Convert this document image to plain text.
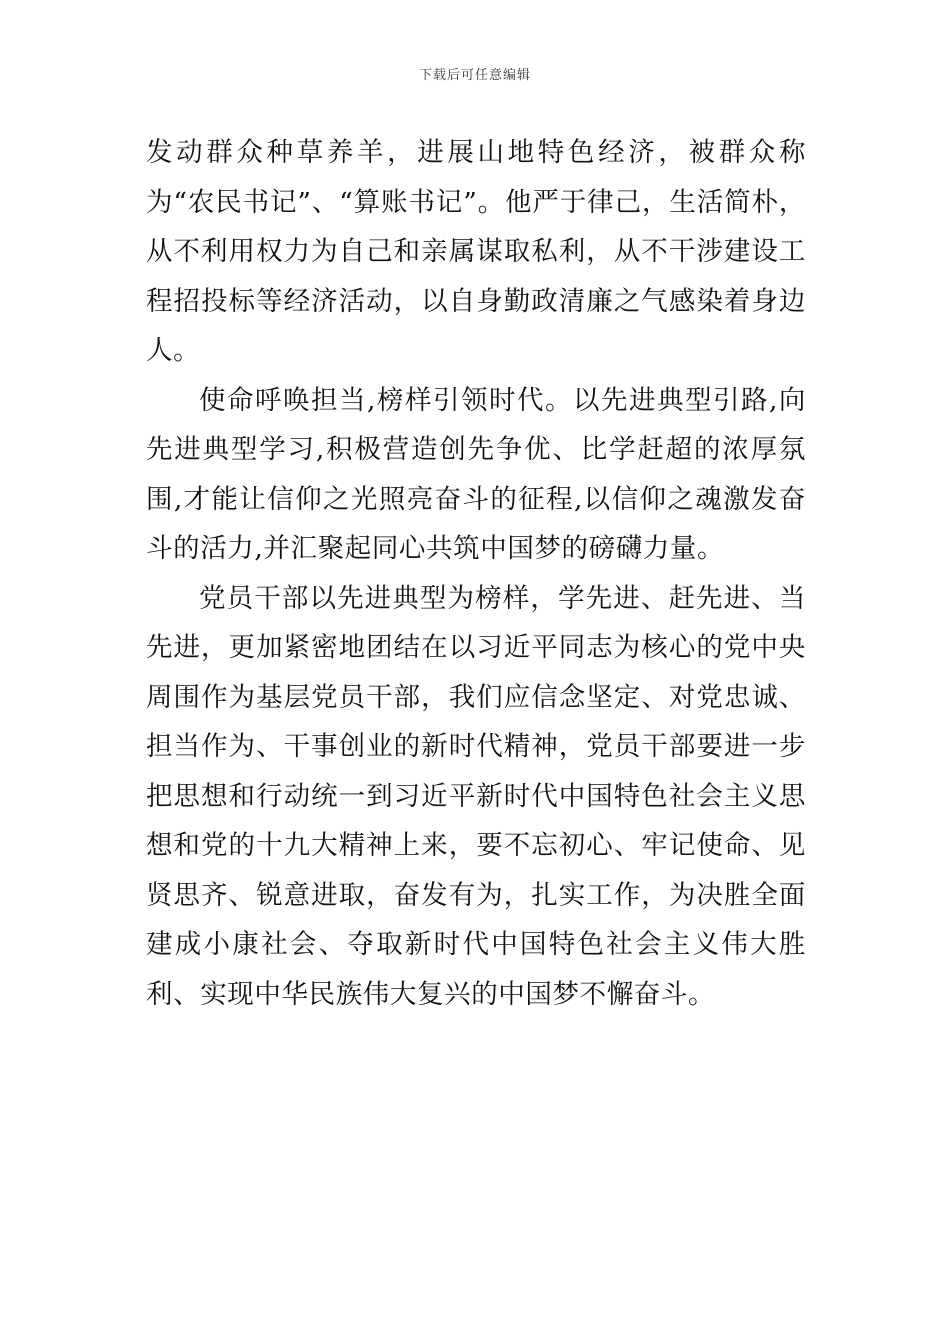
下载后可任意编辑

发动群众种草养羊，进展山地特色经济，被群众称为“农民书记”、“算账书记”。他严于律己，生活简朴，从不利用权力为自己和亲属谋取私利，从不干涉建设工程招投标等经济活动，以自身勤政清廉之气感染着身边人。

使命呼唤担当,榜样引领时代。以先进典型引路,向先进典型学习,积极营造创先争优、比学赶超的浓厚氛围,才能让信仰之光照亮奋斗的征程,以信仰之魂激发奋斗的活力,并汇聚起同心共筑中国梦的磅礴力量。

党员干部以先进典型为榜样，学先进、赶先进、当先进，更加紧密地团结在以习近平同志为核心的党中央周围作为基层党员干部，我们应信念坚定、对党忠诚、担当作为、干事创业的新时代精神，党员干部要进一步把思想和行动统一到习近平新时代中国特色社会主义思想和党的十九大精神上来，要不忘初心、牢记使命、见贤思齐、锐意进取，奋发有为，扎实工作，为决胜全面建成小康社会、夺取新时代中国特色社会主义伟大胜利、实现中华民族伟大复兴的中国梦不懈奋斗。
